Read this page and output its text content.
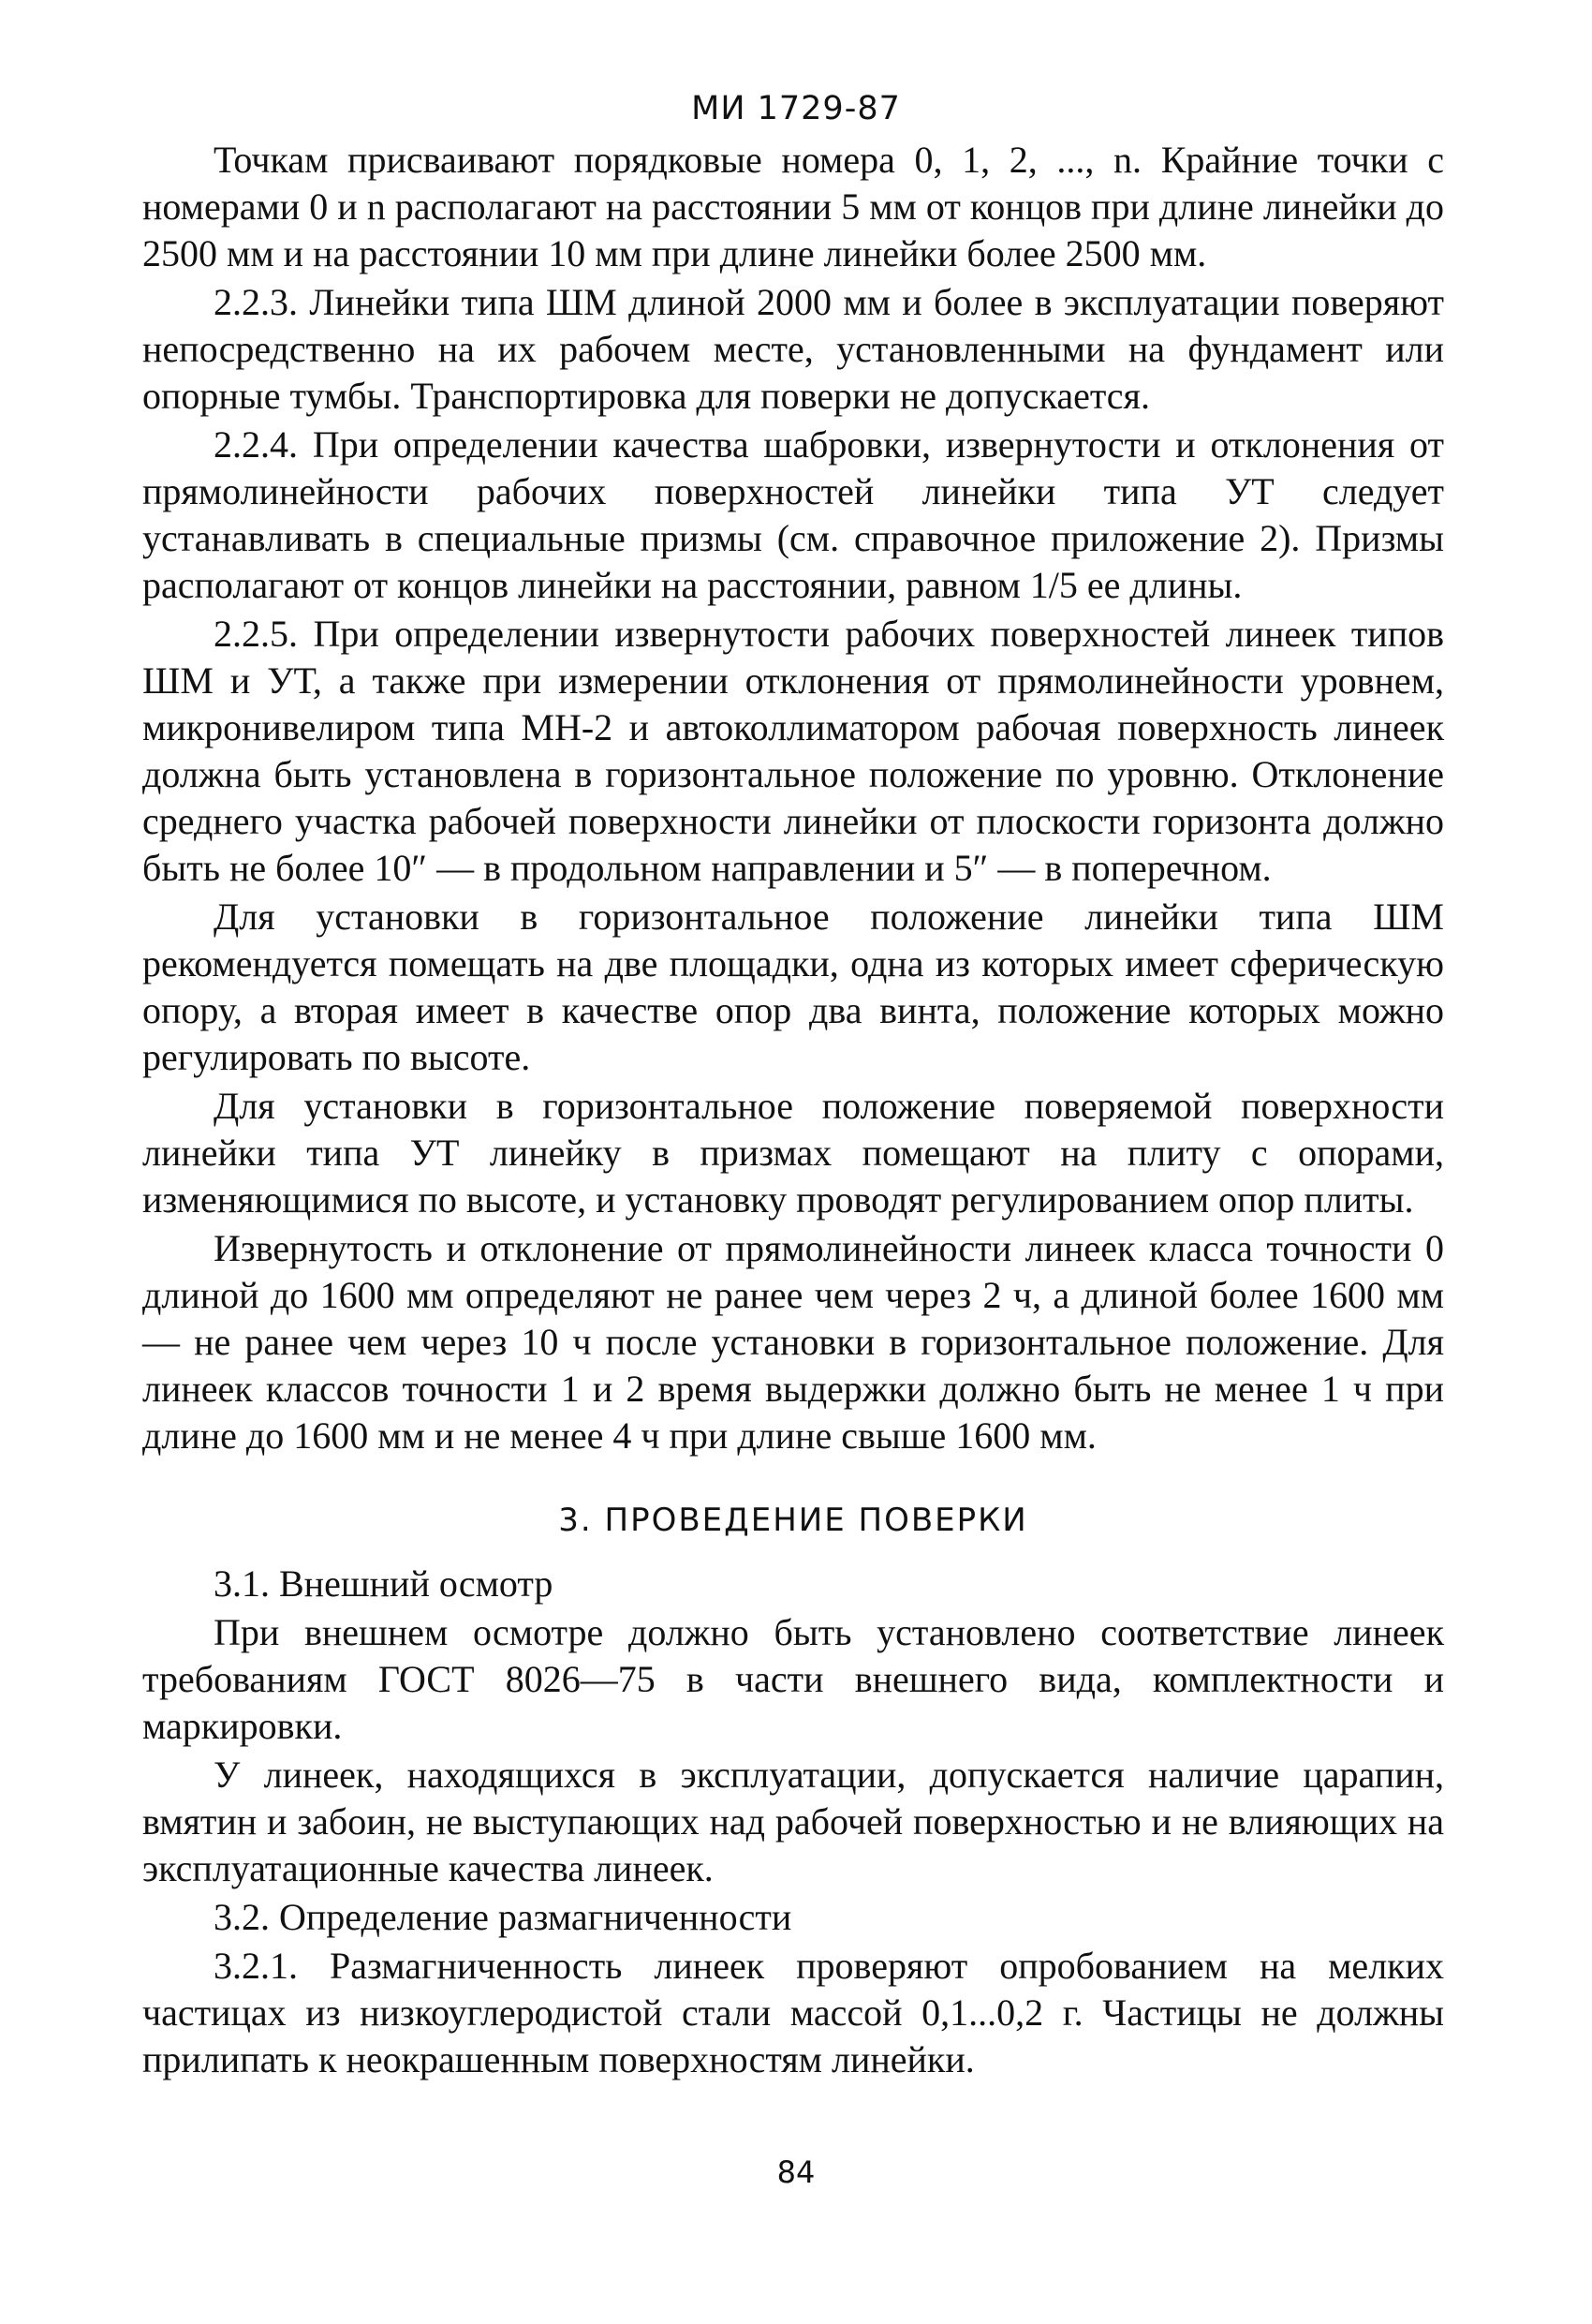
МИ 1729-87

Точкам присваивают порядковые номера 0, 1, 2, ..., n. Крайние точки с номерами 0 и n располагают на расстоянии 5 мм от концов при длине линейки до 2500 мм и на расстоянии 10 мм при длине линейки более 2500 мм.

2.2.3. Линейки типа ШМ длиной 2000 мм и более в эксплуатации поверяют непосредственно на их рабочем месте, установленными на фундамент или опорные тумбы. Транспортировка для поверки не допускается.

2.2.4. При определении качества шабровки, извернутости и отклонения от прямолинейности рабочих поверхностей линейки типа УТ следует устанавливать в специальные призмы (см. справочное приложение 2). Призмы располагают от концов линейки на расстоянии, равном 1/5 ее длины.

2.2.5. При определении извернутости рабочих поверхностей линеек типов ШМ и УТ, а также при измерении отклонения от прямолинейности уровнем, микронивелиром типа МН-2 и автоколлиматором рабочая поверхность линеек должна быть установлена в горизонтальное положение по уровню. Отклонение среднего участка рабочей поверхности линейки от плоскости горизонта должно быть не более 10″ — в продольном направлении и 5″ — в поперечном.

Для установки в горизонтальное положение линейки типа ШМ рекомендуется помещать на две площадки, одна из которых имеет сферическую опору, а вторая имеет в качестве опор два винта, положение которых можно регулировать по высоте.

Для установки в горизонтальное положение поверяемой поверхности линейки типа УТ линейку в призмах помещают на плиту с опорами, изменяющимися по высоте, и установку проводят регулированием опор плиты.

Извернутость и отклонение от прямолинейности линеек класса точности 0 длиной до 1600 мм определяют не ранее чем через 2 ч, а длиной более 1600 мм — не ранее чем через 10 ч после установки в горизонтальное положение. Для линеек классов точности 1 и 2 время выдержки должно быть не менее 1 ч при длине до 1600 мм и не менее 4 ч при длине свыше 1600 мм.

3. ПРОВЕДЕНИЕ ПОВЕРКИ

3.1. Внешний осмотр

При внешнем осмотре должно быть установлено соответствие линеек требованиям ГОСТ 8026—75 в части внешнего вида, комплектности и маркировки.

У линеек, находящихся в эксплуатации, допускается наличие царапин, вмятин и забоин, не выступающих над рабочей поверхностью и не влияющих на эксплуатационные качества линеек.

3.2. Определение размагниченности

3.2.1. Размагниченность линеек проверяют опробованием на мелких частицах из низкоуглеродистой стали массой 0,1...0,2 г. Частицы не должны прилипать к неокрашенным поверхностям линейки.

84
